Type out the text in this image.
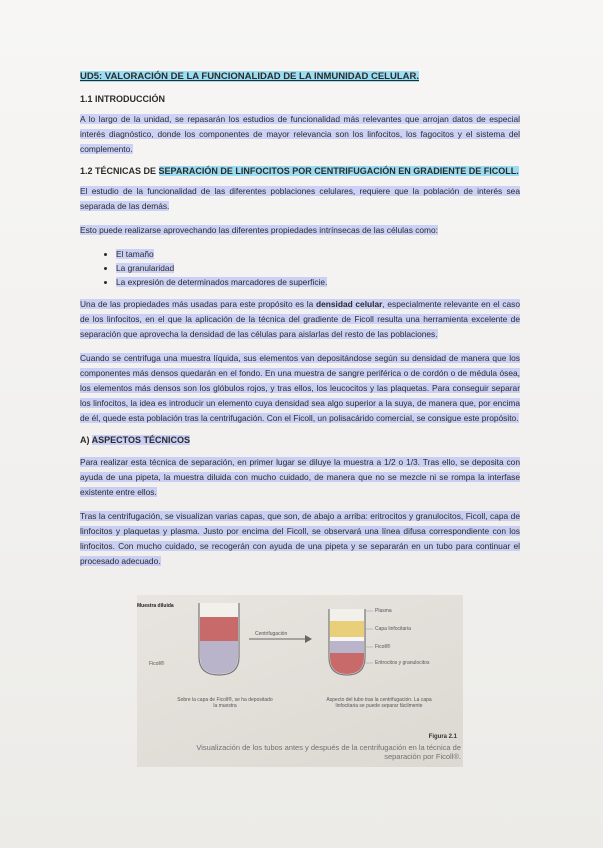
UD5: VALORACIÓN DE LA FUNCIONALIDAD DE LA INMUNIDAD CELULAR.
1.1 INTRODUCCIÓN

A lo largo de la unidad, se repasarán los estudios de funcionalidad más relevantes que arrojan datos de especial interés diagnóstico, donde los componentes de mayor relevancia son los linfocitos, los fagocitos y el sistema del complemento.

1.2 TÉCNICAS DE SEPARACIÓN DE LINFOCITOS POR CENTRIFUGACIÓN EN GRADIENTE DE FICOLL.

El estudio de la funcionalidad de las diferentes poblaciones celulares, requiere que la población de interés sea separada de las demás.

Esto puede realizarse aprovechando las diferentes propiedades intrínsecas de las células como:

• El tamaño
• La granularidad
• La expresión de determinados marcadores de superficie.

Una de las propiedades más usadas para este propósito es la densidad celular, especialmente relevante en el caso de los linfocitos, en el que la aplicación de la técnica del gradiente de Ficoll resulta una herramienta excelente de separación que aprovecha la densidad de las células para aislarlas del resto de las poblaciones.

Cuando se centrifuga una muestra líquida, sus elementos van depositándose según su densidad de manera que los componentes más densos quedarán en el fondo. En una muestra de sangre periférica o de cordón o de médula ósea, los elementos más densos son los glóbulos rojos, y tras ellos, los leucocitos y las plaquetas. Para conseguir separar los linfocitos, la idea es introducir un elemento cuya densidad sea algo superior a la suya, de manera que, por encima de él, quede esta población tras la centrifugación. Con el Ficoll, un polisacárido comercial, se consigue este propósito.

A) ASPECTOS TÉCNICOS

Para realizar esta técnica de separación, en primer lugar se diluye la muestra a 1/2 o 1/3. Tras ello, se deposita con ayuda de una pipeta, la muestra diluida con mucho cuidado, de manera que no se mezcle ni se rompa la interfase existente entre ellos.

Tras la centrifugación, se visualizan varias capas, que son, de abajo a arriba: eritrocitos y granulocitos, Ficoll, capa de linfocitos y plaquetas y plasma. Justo por encima del Ficoll, se observará una línea difusa correspondiente con los linfocitos. Con mucho cuidado, se recogerán con ayuda de una pipeta y se separarán en un tubo para continuar el procesado adecuado.

Muestra diluida
Ficoll®
Centrifugación
Plasma
Capa linfocitaria
Ficoll®
Eritrocitos y granulocitos
Sobre la capa de Ficoll®, se ha depositado la muestra
Aspecto del tubo tras la centrifugación. La capa linfocitaria se puede separar fácilmente
Figura 2.1
Visualización de los tubos antes y después de la centrifugación en la técnica de separación por Ficoll®.
